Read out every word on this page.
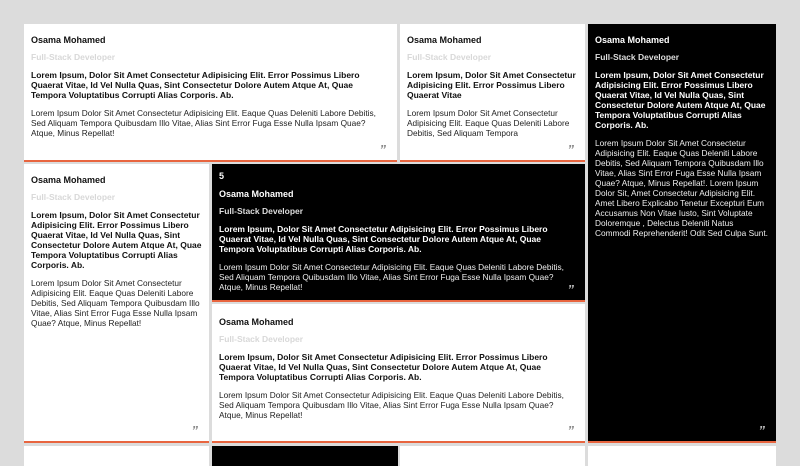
Osama Mohamed
Full-Stack Developer
Lorem Ipsum, Dolor Sit Amet Consectetur Adipisicing Elit. Error Possimus Libero Quaerat Vitae, Id Vel Nulla Quas, Sint Consectetur Dolore Autem Atque At, Quae Tempora Voluptatibus Corrupti Alias Corporis. Ab.

Lorem Ipsum Dolor Sit Amet Consectetur Adipisicing Elit. Eaque Quas Deleniti Labore Debitis, Sed Aliquam Tempora Quibusdam Illo Vitae, Alias Sint Error Fuga Esse Nulla Ipsam Quae? Atque, Minus Repellat!

”
Osama Mohamed
Full-Stack Developer
Lorem Ipsum, Dolor Sit Amet Consectetur Adipisicing Elit. Error Possimus Libero Quaerat Vitae

Lorem Ipsum Dolor Sit Amet Consectetur Adipisicing Elit. Eaque Quas Deleniti Labore Debitis, Sed Aliquam Tempora

”
Osama Mohamed
Full-Stack Developer
Lorem Ipsum, Dolor Sit Amet Consectetur Adipisicing Elit. Error Possimus Libero Quaerat Vitae, Id Vel Nulla Quas, Sint Consectetur Dolore Autem Atque At, Quae Tempora Voluptatibus Corrupti Alias Corporis. Ab.

Lorem Ipsum Dolor Sit Amet Consectetur Adipisicing Elit. Eaque Quas Deleniti Labore Debitis, Sed Aliquam Tempora Quibusdam Illo Vitae, Alias Sint Error Fuga Esse Nulla Ipsam Quae? Atque, Minus Repellat!. Lorem Ipsum Dolor Sit, Amet Consectetur Adipisicing Elit. Amet Libero Explicabo Tenetur Excepturi Eum Accusamus Non Vitae Iusto, Sint Voluptate Doloremque , Delectus Deleniti Natus Commodi Reprehenderit! Odit Sed Culpa Sunt.

”
Osama Mohamed
Full-Stack Developer
Lorem Ipsum, Dolor Sit Amet Consectetur Adipisicing Elit. Error Possimus Libero Quaerat Vitae, Id Vel Nulla Quas, Sint Consectetur Dolore Autem Atque At, Quae Tempora Voluptatibus Corrupti Alias Corporis. Ab.

Lorem Ipsum Dolor Sit Amet Consectetur Adipisicing Elit. Eaque Quas Deleniti Labore Debitis, Sed Aliquam Tempora Quibusdam Illo Vitae, Alias Sint Error Fuga Esse Nulla Ipsam Quae? Atque, Minus Repellat!

”
5
Osama Mohamed
Full-Stack Developer
Lorem Ipsum, Dolor Sit Amet Consectetur Adipisicing Elit. Error Possimus Libero Quaerat Vitae, Id Vel Nulla Quas, Sint Consectetur Dolore Autem Atque At, Quae Tempora Voluptatibus Corrupti Alias Corporis. Ab.

Lorem Ipsum Dolor Sit Amet Consectetur Adipisicing Elit. Eaque Quas Deleniti Labore Debitis, Sed Aliquam Tempora Quibusdam Illo Vitae, Alias Sint Error Fuga Esse Nulla Ipsam Quae? Atque, Minus Repellat!	”
Osama Mohamed
Full-Stack Developer
Lorem Ipsum, Dolor Sit Amet Consectetur Adipisicing Elit. Error Possimus Libero Quaerat Vitae, Id Vel Nulla Quas, Sint Consectetur Dolore Autem Atque At, Quae Tempora Voluptatibus Corrupti Alias Corporis. Ab.

Lorem Ipsum Dolor Sit Amet Consectetur Adipisicing Elit. Eaque Quas Deleniti Labore Debitis, Sed Aliquam Tempora Quibusdam Illo Vitae, Alias Sint Error Fuga Esse Nulla Ipsam Quae? Atque, Minus Repellat!

”
